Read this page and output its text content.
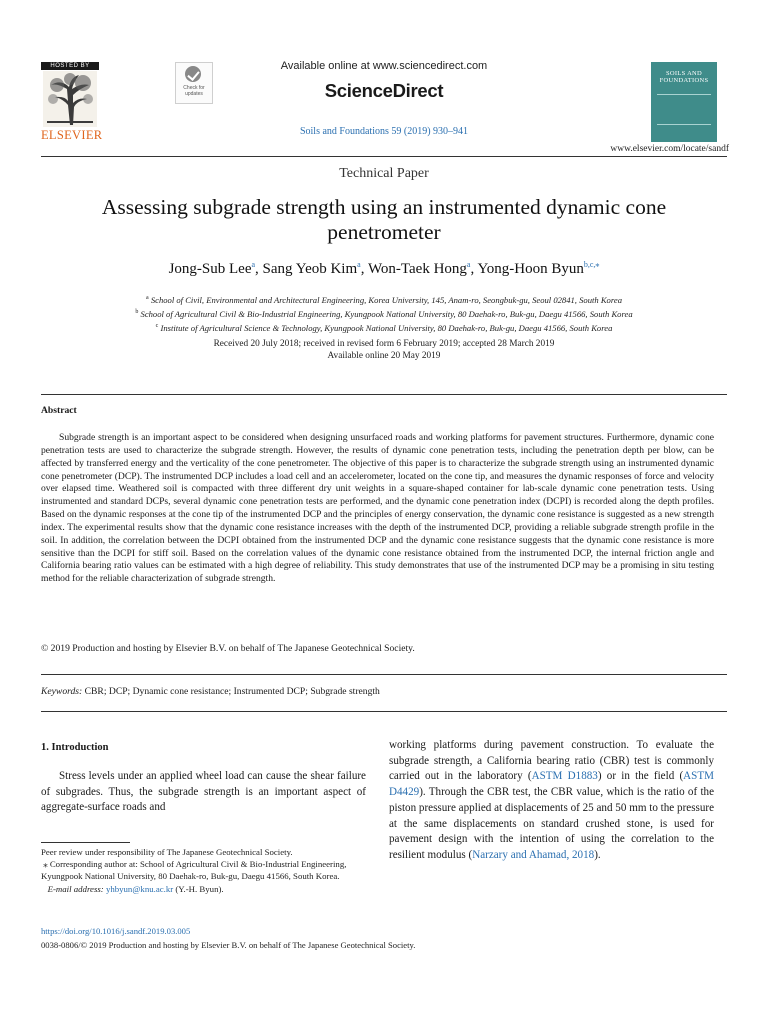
HOSTED BY
ELSEVIER
Check for updates
Available online at www.sciencedirect.com
ScienceDirect
Soils and Foundations 59 (2019) 930–941
SOILS AND FOUNDATIONS
www.elsevier.com/locate/sandf
Technical Paper
Assessing subgrade strength using an instrumented dynamic cone penetrometer
Jong-Sub Lee$^a$, Sang Yeob Kim$^a$, Won-Taek Hong$^a$, Yong-Hoon Byun$^{b,c,⁎}$
$^a$ School of Civil, Environmental and Architectural Engineering, Korea University, 145, Anam-ro, Seongbuk-gu, Seoul 02841, South Korea
$^b$ School of Agricultural Civil & Bio-Industrial Engineering, Kyungpook National University, 80 Daehak-ro, Buk-gu, Daegu 41566, South Korea
$^c$ Institute of Agricultural Science & Technology, Kyungpook National University, 80 Daehak-ro, Buk-gu, Daegu 41566, South Korea
Received 20 July 2018; received in revised form 6 February 2019; accepted 28 March 2019
Available online 20 May 2019
Abstract

Subgrade strength is an important aspect to be considered when designing unsurfaced roads and working platforms for pavement structures. Furthermore, dynamic cone penetration tests are used to characterize the subgrade strength. However, the results of dynamic cone penetration tests, including the penetration depth per blow, can be affected by transferred energy and the verticality of the cone penetrometer. The objective of this paper is to characterize the subgrade strength using an instrumented dynamic cone penetrometer (DCP). The instrumented DCP includes a load cell and an accelerometer, located on the cone tip, and measures the dynamic responses of force and velocity over elapsed time. Weathered soil is compacted with three different dry unit weights in a square-shaped container for lab-scale dynamic cone penetration tests. Using instrumented and standard DCPs, several dynamic cone penetration tests are performed, and the dynamic cone penetration index (DCPI) is recorded along the depth profiles. Based on the dynamic responses at the cone tip of the instrumented DCP and the principles of energy conservation, the dynamic cone resistance is suggested as a new strength index. The experimental results show that the dynamic cone resistance increases with the depth of the instrumented DCP, providing a reliable subgrade strength profile in the soil. In addition, the correlation between the DCPI obtained from the instrumented DCP and the dynamic cone resistance suggests that the dynamic cone resistance is more sensitive than the DCPI for stiff soil. Based on the correlation values of the dynamic cone resistance obtained from the instrumented DCP, the internal friction angle and California bearing ratio values can be estimated with a high degree of reliability. This study demonstrates that use of the instrumented DCP may be a promising in situ testing method for the reliable characterization of subgrade strength.

© 2019 Production and hosting by Elsevier B.V. on behalf of The Japanese Geotechnical Society.
Keywords: CBR; DCP; Dynamic cone resistance; Instrumented DCP; Subgrade strength
1. Introduction

Stress levels under an applied wheel load can cause the shear failure of subgrades. Thus, the subgrade strength is an important aspect of aggregate-surface roads and

working platforms during pavement construction. To evaluate the subgrade strength, a California bearing ratio (CBR) test is commonly carried out in the laboratory (ASTM D1883) or in the field (ASTM D4429). Through the CBR test, the CBR value, which is the ratio of the piston pressure applied at displacements of 25 and 50 mm to the pressure at the same displacements on standard crushed stone, is used for pavement design with the intention of using the correlation to the resilient modulus (Narzary and Ahamad, 2018).

Peer review under responsibility of The Japanese Geotechnical Society.

⁎ Corresponding author at: School of Agricultural Civil & Bio-Industrial Engineering, Kyungpook National University, 80 Daehak-ro, Buk-gu, Daegu 41566, South Korea.

E-mail address: yhbyun@knu.ac.kr (Y.-H. Byun).

https://doi.org/10.1016/j.sandf.2019.03.005
0038-0806/© 2019 Production and hosting by Elsevier B.V. on behalf of The Japanese Geotechnical Society.
